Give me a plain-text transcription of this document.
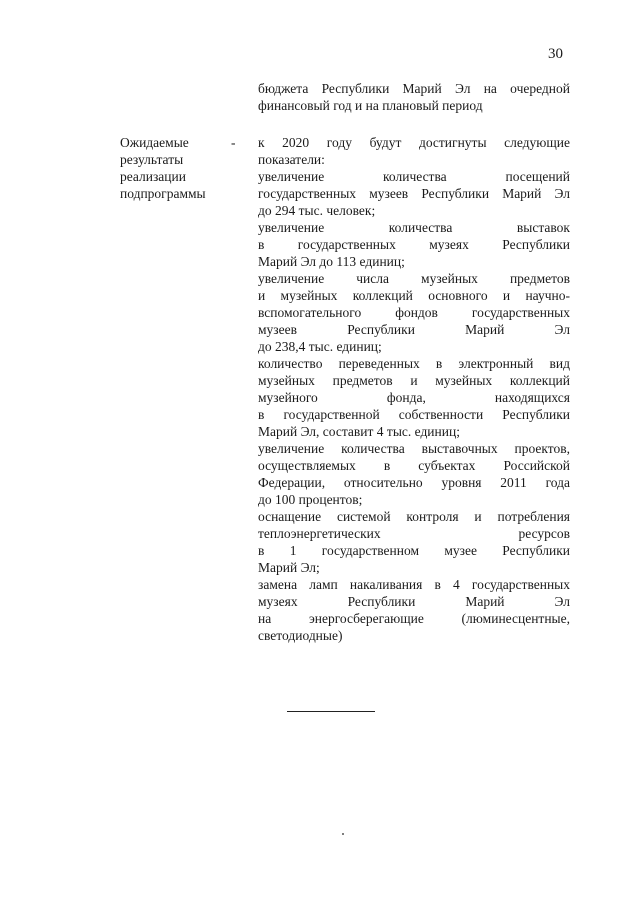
30
бюджета Республики Марий Эл на очередной
финансовый год и на плановый период
Ожидаемые
результаты
реализации
подпрограммы
- к 2020 году будут достигнуты следующие
показатели:
увеличение количества посещений
государственных музеев Республики Марий Эл
до 294 тыс. человек;
увеличение количества выставок
в государственных музеях Республики
Марий Эл до 113 единиц;
увеличение числа музейных предметов
и музейных коллекций основного и научно-
вспомогательного фондов государственных
музеев Республики Марий Эл
до 238,4 тыс. единиц;
количество переведенных в электронный вид
музейных предметов и музейных коллекций
музейного фонда, находящихся
в государственной собственности Республики
Марий Эл, составит 4 тыс. единиц;
увеличение количества выставочных проектов,
осуществляемых в субъектах Российской
Федерации, относительно уровня 2011 года
до 100 процентов;
оснащение системой контроля и потребления
теплоэнергетических ресурсов
в 1 государственном музее Республики
Марий Эл;
замена ламп накаливания в 4 государственных
музеях Республики Марий Эл
на энергосберегающие (люминесцентные,
светодиодные)
